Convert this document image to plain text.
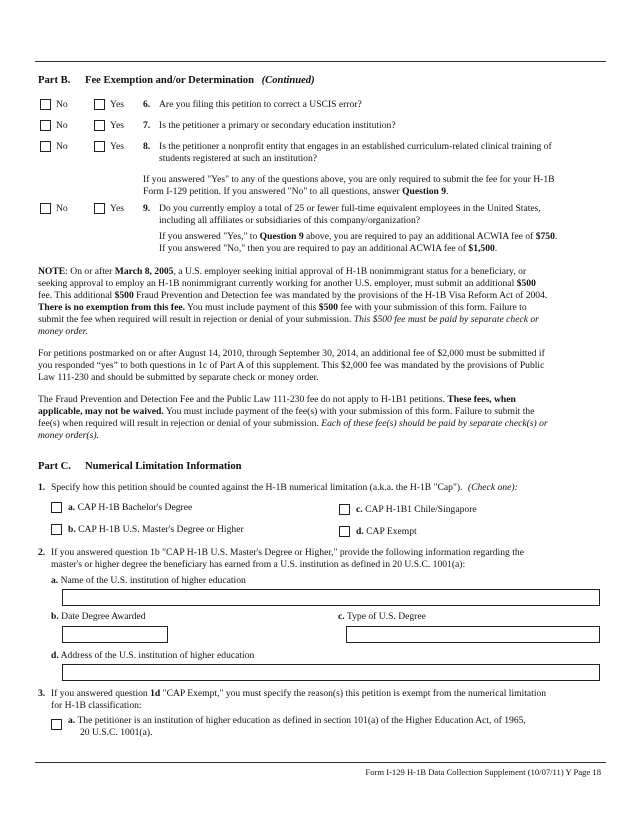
Part B. Fee Exemption and/or Determination (Continued)
No	Yes 6. Are you filing this petition to correct a USCIS error?
No	Yes 7. Is the petitioner a primary or secondary education institution?
No	Yes 8. Is the petitioner a nonprofit entity that engages in an established curriculum-related clinical training of
students registered at such an institution?
If you answered "Yes" to any of the questions above, you are only required to submit the fee for your H-1B
Form I-129 petition. If you answered "No" to all questions, answer Question 9.
No	Yes 9. Do you currently employ a total of 25 or fewer full-time equivalent employees in the United States,
including all affiliates or subsidiaries of this company/organization?
If you answered "Yes," to Question 9 above, you are required to pay an additional ACWIA fee of $750.
If you answered "No," then you are required to pay an additional ACWIA fee of $1,500.
NOTE: On or after March 8, 2005, a U.S. employer seeking initial approval of H-1B nonimmigrant status for a beneficiary, or
seeking approval to employ an H-1B nonimmigrant currently working for another U.S. employer, must submit an additional $500
fee. This additional $500 Fraud Prevention and Detection fee was mandated by the provisions of the H-1B Visa Reform Act of 2004.
There is no exemption from this fee. You must include payment of this $500 fee with your submission of this form. Failure to
submit the fee when required will result in rejection or denial of your submission. This $500 fee must be paid by separate check or
money order.
For petitions postmarked on or after August 14, 2010, through September 30, 2014, an additional fee of $2,000 must be submitted if
you responded “yes” to both questions in 1c of Part A of this supplement. This $2,000 fee was mandated by the provisions of Public
Law 111-230 and should be submitted by separate check or money order.
The Fraud Prevention and Detection Fee and the Public Law 111-230 fee do not apply to H-1B1 petitions. These fees, when
applicable, may not be waived. You must include payment of the fee(s) with your submission of this form. Failure to submit the
fee(s) when required will result in rejection or denial of your submission. Each of these fee(s) should be paid by separate check(s) or
money order(s).
Part C. Numerical Limitation Information
1. Specify how this petition should be counted against the H-1B numerical limitation (a.k.a. the H-1B "Cap"). (Check one):
a. CAP H-1B Bachelor's Degree	c. CAP H-1B1 Chile/Singapore
b. CAP H-1B U.S. Master's Degree or Higher	d. CAP Exempt
2. If you answered question 1b "CAP H-1B U.S. Master's Degree or Higher," provide the following information regarding the
master's or higher degree the beneficiary has earned from a U.S. institution as defined in 20 U.S.C. 1001(a):
a. Name of the U.S. institution of higher education
b. Date Degree Awarded	c. Type of U.S. Degree
d. Address of the U.S. institution of higher education
3. If you answered question 1d "CAP Exempt," you must specify the reason(s) this petition is exempt from the numerical limitation
for H-1B classification:
a. The petitioner is an institution of higher education as defined in section 101(a) of the Higher Education Act, of 1965,
20 U.S.C. 1001(a).
Form I-129 H-1B Data Collection Supplement (10/07/11) Y Page 18
